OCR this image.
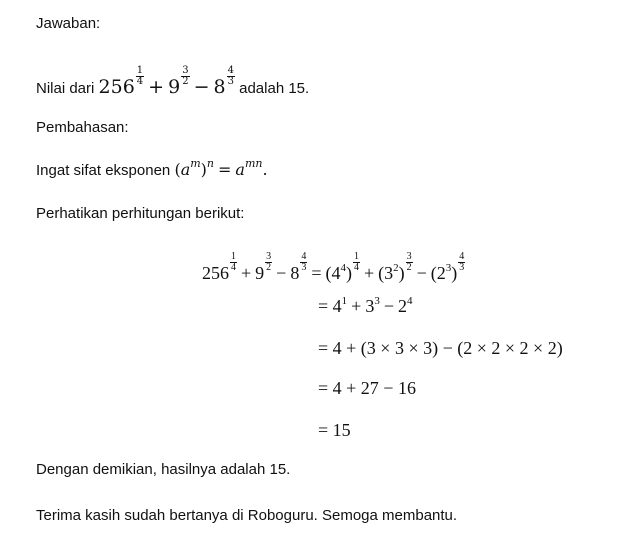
Jawaban:
Nilai dari 256 $^{\frac{1}{4}}$ + 9 $^{\frac{3}{2}}$ − 8 $^{\frac{4}{3}}$
adalah 15.
Pembahasan:
Ingat sifat eksponen $(a^m)^n = a^{mn}$.
Perhatikan perhitungan berikut:
256 $^{\frac{1}{4}}$ + 9 $^{\frac{3}{2}}$ − 8 $^{\frac{4}{3}} = (4^4) ^{\frac{1}{4}} + (3^2) ^{\frac{3}{2}} - (2^3)$ $^{\frac{4}{3}}$
= $4^1 + 3^3 - 2^4$
= 4 + (3 × 3 × 3) − (2 × 2 × 2 × 2)
= 4 + 27 − 16
= 15
Dengan demikian, hasilnya adalah 15.
Terima kasih sudah bertanya di Roboguru. Semoga membantu.
